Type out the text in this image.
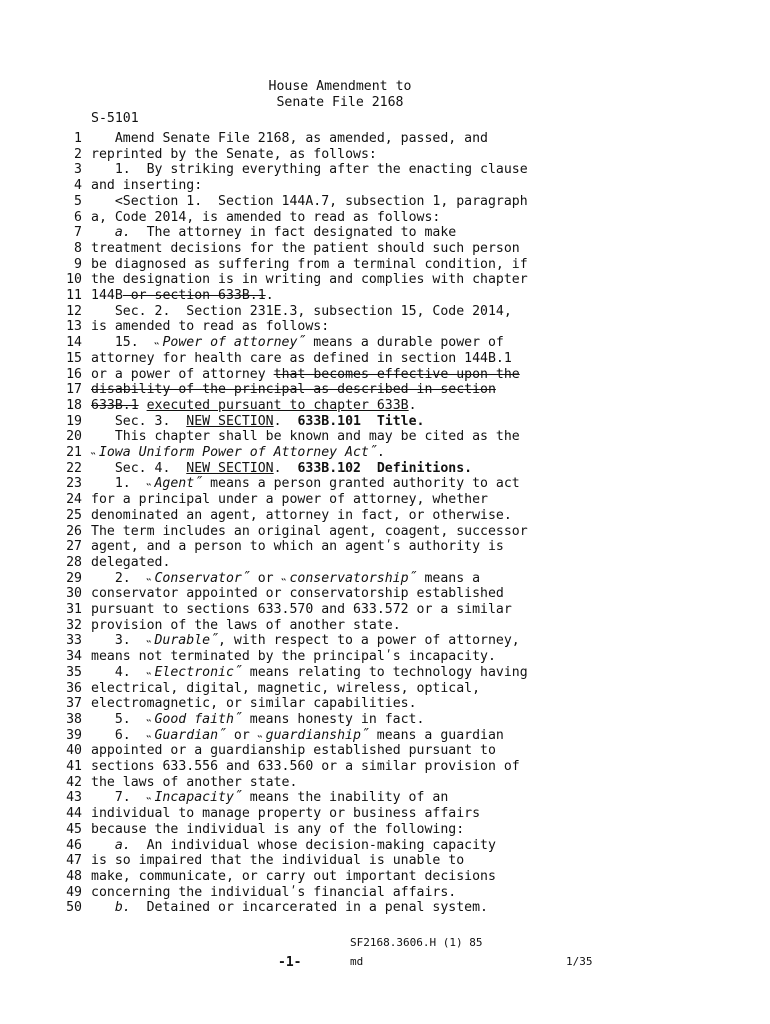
House Amendment to
Senate File 2168
S-5101
1 Amend Senate File 2168, as amended, passed, and
2 reprinted by the Senate, as follows:
3 1.  By striking everything after the enacting clause
4 and inserting:
5 <Section 1.  Section 144A.7, subsection 1, paragraph
6 a, Code 2014, is amended to read as follows:
7	a.  The attorney in fact designated to make
8 treatment decisions for the patient should such person
9 be diagnosed as suffering from a terminal condition, if
10 the designation is in writing and complies with chapter
11 144B or section 633B.1.
12 Sec. 2.  Section 231E.3, subsection 15, Code 2014,
13 is amended to read as follows:
14 15.  ˵Power of attorney˝ means a durable power of
15 attorney for health care as defined in section 144B.1
16 or a power of attorney that becomes effective upon the
17 disability of the principal as described in section
18 633B.1 executed pursuant to chapter 633B.
19 Sec. 3.  NEW SECTION.  633B.101  Title.
20 This chapter shall be known and may be cited as the
21 ˵Iowa Uniform Power of Attorney Act˝.
22 Sec. 4.  NEW SECTION.  633B.102  Definitions.
23 1.  ˵Agent˝ means a person granted authority to act
24 for a principal under a power of attorney, whether
25 denominated an agent, attorney in fact, or otherwise.
26 The term includes an original agent, coagent, successor
27 agent, and a person to which an agentʹs authority is
28 delegated.
29 2.  ˵Conservator˝ or ˵conservatorship˝ means a
30 conservator appointed or conservatorship established
31 pursuant to sections 633.570 and 633.572 or a similar
32 provision of the laws of another state.
33 3.  ˵Durable˝, with respect to a power of attorney,
34 means not terminated by the principalʹs incapacity.
35 4.  ˵Electronic˝ means relating to technology having
36 electrical, digital, magnetic, wireless, optical,
37 electromagnetic, or similar capabilities.
38 5.  ˵Good faith˝ means honesty in fact.
39 6.  ˵Guardian˝ or ˵guardianship˝ means a guardian
40 appointed or a guardianship established pursuant to
41 sections 633.556 and 633.560 or a similar provision of
42 the laws of another state.
43 7.  ˵Incapacity˝ means the inability of an
44 individual to manage property or business affairs
45 because the individual is any of the following:
46	a.  An individual whose decision-making capacity
47 is so impaired that the individual is unable to
48 make, communicate, or carry out important decisions
49 concerning the individualʹs financial affairs.
50	b.  Detained or incarcerated in a penal system.
SF2168.3606.H (1) 85
-1-	md	1/35
